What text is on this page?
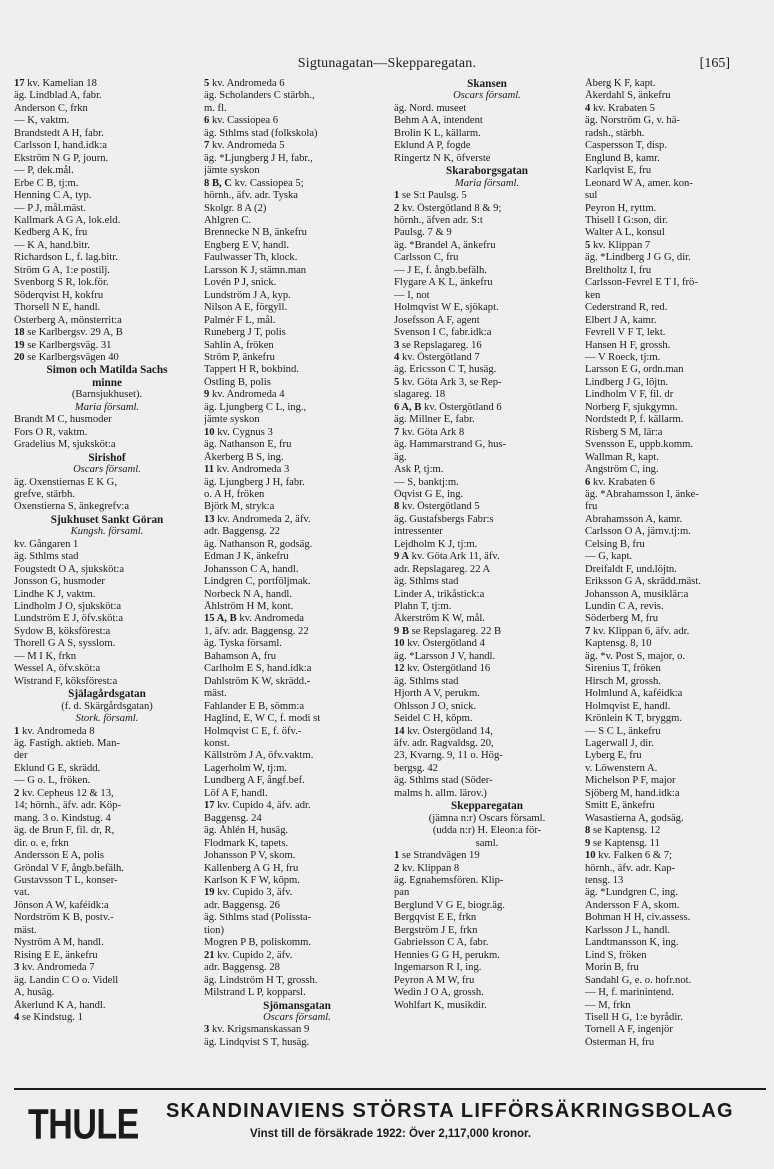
Sigtunagatan—Skepparegatan.	[165]
17 kv. Kamelian 18
äg. Lindblad A, fabr.
Anderson C, frkn
— K, vaktm.
Brandstedt A H, fabr.
Carlsson I, hand.idk:a
Ekström N G P, journ.
— P, dek.mål.
Erbe C B, tj:m.
Henning C A, typ.
— P J, mål.mäst.
Kallmark A G A, lok.eld.
Kedberg A K, fru
— K A, hand.bitr.
Richardson L, f. lag.bitr.
Ström G A, 1:e postilj.
Svenborg S R, lok.för.
Söderqvist H, kokfru
Thorsell N E, handl.
Österberg A, mönsterrit:a
18 se Karlbergsv. 29 A, B
19 se Karlbergsväg. 31
20 se Karlbergsvägen 40
Simon och Matilda Sachs
minne
(Barnsjukhuset).
Maria församl.
Brandt M C, husmoder
Fors O R, vaktm.
Gradelius M, sjuksköt:a
Sirishof
Oscars församl.
äg. Oxenstiernas E K G,
grefve, stärbh.
Oxenstierna S, änkegrefv:a
Sjukhuset Sankt Göran
Kungsh. församl.
kv. Gångaren 1
äg. Sthlms stad
Fougstedt O A, sjuksköt:a
Jonsson G, husmoder
Lindhe K J, vaktm.
Lindholm J O, sjuksköt:a
Lundström E J, öfv.sköt:a
Sydow B, köksförest:a
Thorell G A S, sysslom.
— M I K, frkn
Wessel A, öfv.sköt:a
Wistrand F, köksförest:a
Själagårdsgatan
(f. d. Skärgårdsgatan)
Stork. församl.
1 kv. Andromeda 8
äg. Fastigh. aktieb. Man-
der
Eklund G E, skrädd.
— G o. L, fröken.
2 kv. Cepheus 12 & 13,
14; hörnh., äfv. adr. Köp-
mang. 3 o. Kindstug. 4
äg. de Brun F, fil. dr, R,
dir. o. e, frkn
Andersson E A, polis
Gröndal V F, ångb.befälh.
Gustavsson T L, konser-
vat.
Jönson A W, kaféidk:a
Nordström K B, postv.-
mäst.
Nyström A M, handl.
Rising E E, änkefru
3 kv. Andromeda 7
äg. Landin C O o. Videll
A, husäg.
Åkerlund K A, handl.
4 se Kindstug. 1
5 kv. Andromeda 6
äg. Scholanders C stärbh.,
m. fl.
6 kv. Cassiopea 6
äg. Sthlms stad (folkskola)
7 kv. Andromeda 5
äg. *Ljungberg J H, fabr.,
jämte syskon
8 B, C kv. Cassiopea 5;
hörnh., äfv. adr. Tyska
Skolgr. 8 A (2)
Ahlgren C.
Brennecke N B, änkefru
Engberg E V, handl.
Faulwasser Th, klock.
Larsson K J, stämn.man
Lovén P J, snick.
Lundström J A, kyp.
Nilson A E, förgyll.
Palmér F L, mål.
Runeberg J T, polis
Sahlin A, fröken
Ström P, änkefru
Tappert H R, bokbind.
Östling B, polis
9 kv. Andromeda 4
äg. Ljungberg C L, ing.,
jämte syskon
10 kv. Cygnus 3
äg. Nathanson E, fru
Åkerberg B S, ing.
11 kv. Andromeda 3
äg. Ljungberg J H, fabr.
o. A H, fröken
Björk M, stryk:a
13 kv. Andromeda 2, äfv.
adr. Baggensg. 22
äg. Nathanson R, godsäg.
Edman J K, änkefru
Johansson C A, handl.
Lindgren C, portföljmak.
Norbeck N A, handl.
Åhlström H M, kont.
15 A, B kv. Andromeda
1, äfv. adr. Baggensg. 22
äg. Tyska församl.
Bahamson A, fru
Carlholm E S, hand.idk:a
Dahlström K W, skrädd.-
mäst.
Fahlander E B, sömm:a
Haglind, E, W C, f. modi st
Holmqvist C E, f. öfv.-
konst.
Källström J A, öfv.vaktm.
Lagerholm W, tj:m.
Lundberg A F, ångf.bef.
Löf A F, handl.
17 kv. Cupido 4, äfv. adr.
Baggensg. 24
äg. Åhlén H, husäg.
Flodmark K, tapets.
Johansson P V, skom.
Kallenberg A G H, fru
Karlson K F W, köpm.
19 kv. Cupido 3, äfv.
adr. Baggensg. 26
äg. Sthlms stad (Polissta-
tion)
Mogren P B, poliskomm.
21 kv. Cupido 2, äfv.
adr. Baggensg. 28
äg. Lindström H T, grossh.
Milstrand L P, kopparsl.
Sjömansgatan
Oscars församl.
3 kv. Krigsmanskassan 9
äg. Lindqvist S T, husäg.
Skansen
Oscars församl.
äg. Nord. museet
Behm A A, intendent
Brolin K L, källarm.
Eklund A P, fogde
Ringertz N K, öfverste
Skaraborgsgatan
Maria församl.
1 se S:t Paulsg. 5
2 kv. Östergötland 8 & 9;
hörnh., äfven adr. S:t
Paulsg. 7 & 9
äg. *Brandel A, änkefru
Carlsson C, fru
— J E, f. ångb.befälh.
Flygare A K L, änkefru
— I, not
Holmqvist W E, sjökapt.
Josefsson A F, agent
Svenson I C, fabr.idk:a
3 se Repslagareg. 16
4 kv. Östergötland 7
äg. Ericsson C T, husäg.
5 kv. Göta Ark 3, se Rep-
slagareg. 18
6 A, B kv. Östergötland 6
äg. Millner E, fabr.
7 kv. Göta Ark 8
äg. Hammarstrand G, hus-
äg.
Ask P, tj:m.
— S, banktj:m.
Öqvist G E, ing.
8 kv. Östergötland 5
äg. Gustafsbergs Fabr:s
intressenter
Lejdholm K J, tj:m.
9 A kv. Göta Ark 11, äfv.
adr. Repslagareg. 22 A
äg. Sthlms stad
Linder A, trikåstick:a
Plahn T, tj:m.
Åkerström K W, mål.
9 B se Repslagareg. 22 B
10 kv. Östergötland 4
äg. *Larsson J V, handl.
12 kv. Östergötland 16
äg. Sthlms stad
Hjorth A V, perukm.
Ohlsson J O, snick.
Seidel C H, köpm.
14 kv. Östergötland 14,
äfv. adr. Ragvaldsg. 20,
23, Kvarng. 9, 11 o. Hög-
bergsg. 42
äg. Sthlms stad (Söder-
malms h. allm. lärov.)
Skepparegatan
(jämna n:r) Oscars församl.
(udda n:r) H. Eleon:a för-
saml.
1 se Strandvägen 19
2 kv. Klippan 8
äg. Egnahemsfören. Klip-
pan
Berglund V G E, biogr.äg.
Bergqvist E E, frkn
Bergström J E, frkn
Gabrielsson C A, fabr.
Hennies G G H, perukm.
Ingemarson R I, ing.
Peyron A M W, fru
Wedin J O A, grossh.
Wohlfart K, musikdir.
Åberg K F, kapt.
Åkerdahl S, änkefru
4 kv. Krabaten 5
äg. Norström G, v. hä-
radsh., stärbh.
Caspersson T, disp.
Englund B, kamr.
Karlqvist E, fru
Leonard W A, amer. kon-
sul
Peyron H, ryttm.
Thisell I G:son, dir.
Walter A L, konsul
5 kv. Klippan 7
äg. *Lindberg J G G, dir.
Breltholtz I, fru
Carlsson-Fevrel E T I, frö-
ken
Cederstrand R, red.
Elbert J A, kamr.
Fevrell V F T, lekt.
Hansen H F, grossh.
— V Roeck, tj:m.
Larsson E G, ordn.man
Lindberg J G, löjtn.
Lindholm V F, fil. dr
Norberg F, sjukgymn.
Nordstedt P, f. källarm.
Risberg S M, lär:a
Svensson E, uppb.komm.
Wallman R, kapt.
Ångström C, ing.
6 kv. Krabaten 6
äg. *Abrahamsson I, änke-
fru
Abrahamsson A, kamr.
Carlsson O A, järnv.tj:m.
Celsing B, fru
— G, kapt.
Dreifaldt F, und.löjtn.
Eriksson G A, skrädd.mäst.
Johansson A, musiklär:a
Lundin C A, revis.
Söderberg M, fru
7 kv. Klippan 6, äfv. adr.
Kaptensg. 8, 10
äg. *v. Post S, major, o.
Sirenius T, fröken
Hirsch M, grossh.
Holmlund A, kaféidk:a
Holmqvist E, handl.
Krönlein K T, bryggm.
— S C L, änkefru
Lagerwall J, dir.
Lyberg E, fru
v. Löwenstern A.
Michelson P F, major
Sjöberg M, hand.idk:a
Smitt E, änkefru
Wasastierna A, godsäg.
8 se Kaptensg. 12
9 se Kaptensg. 11
10 kv. Falken 6 & 7;
hörnh., äfv. adr. Kap-
tensg. 13
äg. *Lundgren C, ing.
Andersson F A, skom.
Bohman H H, civ.assess.
Karlsson J L, handl.
Landtmansson K, ing.
Lind S, fröken
Morin B, fru
Sandahl G, e. o. hofr.not.
— H, f. marinintend.
— M, frkn
Tisell H G, 1:e byrådir.
Tornell A F, ingenjör
Österman H, fru
THULE SKANDINAVIENS STÖRSTA LIFFÖRSÄKRINGSBOLAG
Vinst till de försäkrade 1922: Över 2,117,000 kronor.
